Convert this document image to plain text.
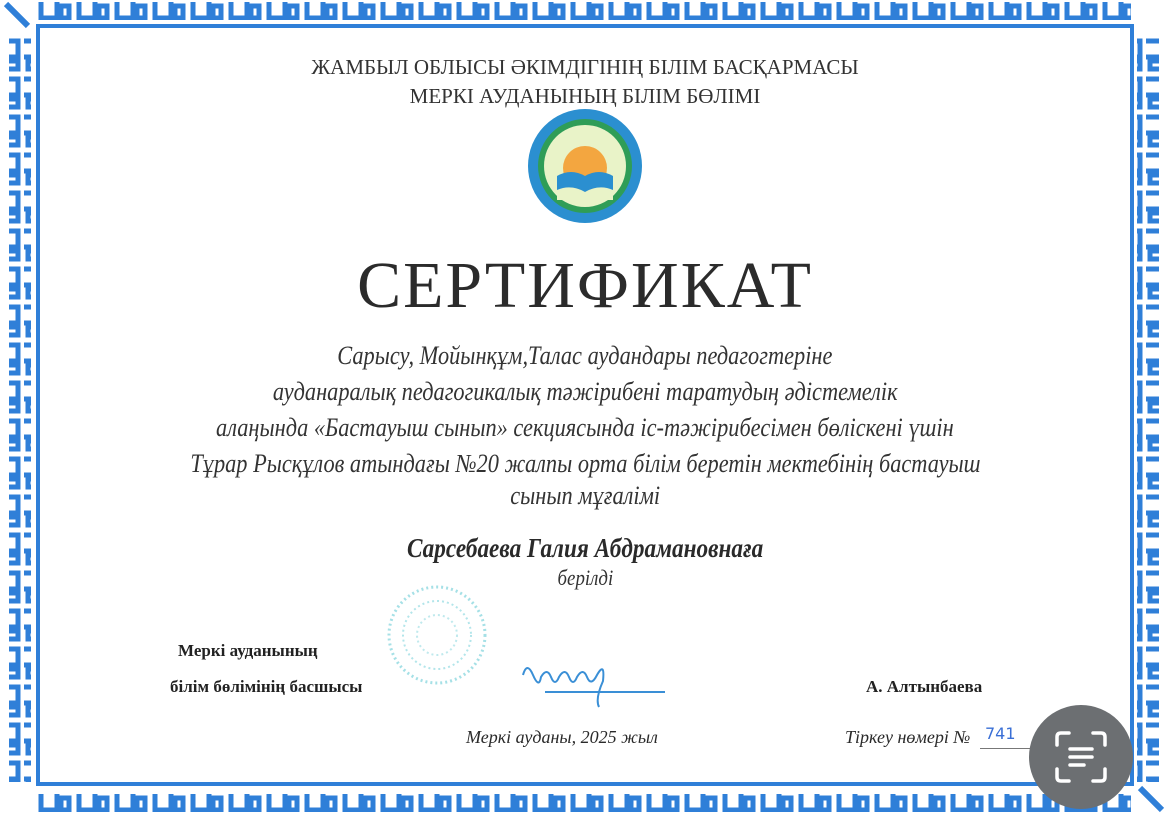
ЖАМБЫЛ ОБЛЫСЫ ӘКІМДІГІНІҢ БІЛІМ БАСҚАРМАСЫ
МЕРКІ АУДАНЫНЫҢ БІЛІМ БӨЛІМІ
СЕРТИФИКАТ
Сарысу, Мойынқұм,Талас аудандары педагогтеріне
ауданаралық педагогикалық тәжірибені таратудың әдістемелік
алаңында «Бастауыш сынып» секциясында іс-тәжірибесімен бөліскені үшін
Тұрар Рысқұлов атындағы №20 жалпы орта білім беретін мектебінің бастауыш
сынып мұғалімі
Сарсебаева Галия Абдрамановнаға
берілді
Меркі ауданының
білім бөлімінің басшысы	А. Алтынбаева
Меркі ауданы, 2025 жыл	Тіркеу нөмері № 741
